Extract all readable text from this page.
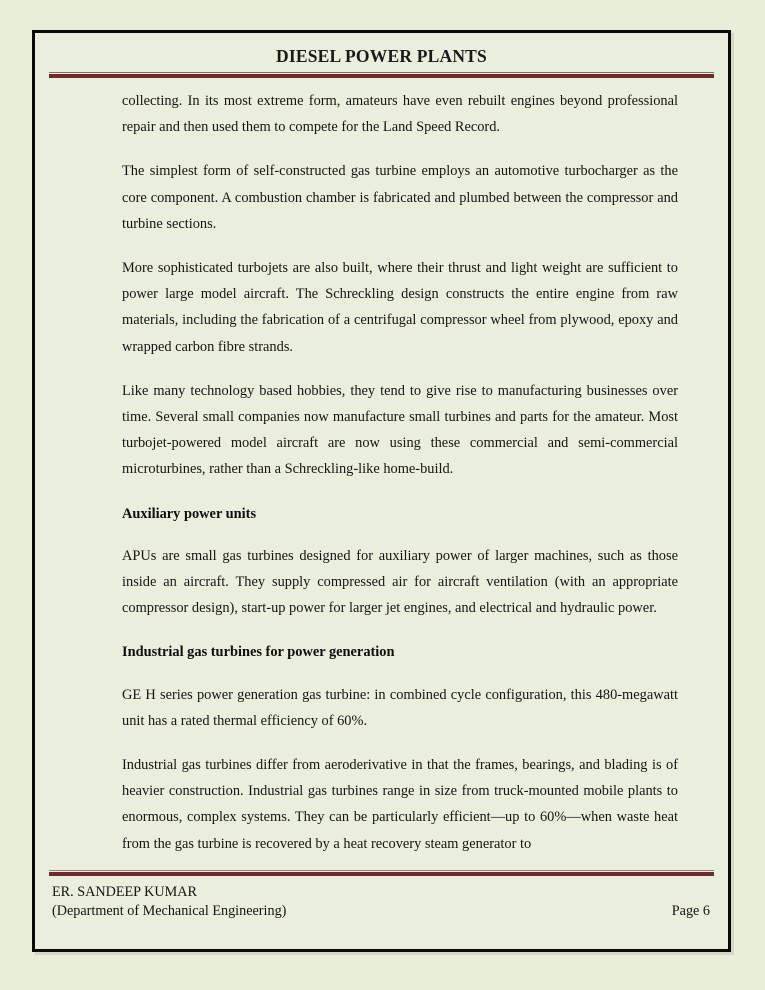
DIESEL POWER PLANTS

collecting. In its most extreme form, amateurs have even rebuilt engines beyond professional repair and then used them to compete for the Land Speed Record.

The simplest form of self-constructed gas turbine employs an automotive turbocharger as the core component. A combustion chamber is fabricated and plumbed between the compressor and turbine sections.

More sophisticated turbojets are also built, where their thrust and light weight are sufficient to power large model aircraft. The Schreckling design constructs the entire engine from raw materials, including the fabrication of a centrifugal compressor wheel from plywood, epoxy and wrapped carbon fibre strands.

Like many technology based hobbies, they tend to give rise to manufacturing businesses over time. Several small companies now manufacture small turbines and parts for the amateur. Most turbojet-powered model aircraft are now using these commercial and semi-commercial microturbines, rather than a Schreckling-like home-build.

Auxiliary power units

APUs are small gas turbines designed for auxiliary power of larger machines, such as those inside an aircraft. They supply compressed air for aircraft ventilation (with an appropriate compressor design), start-up power for larger jet engines, and electrical and hydraulic power.

Industrial gas turbines for power generation

GE H series power generation gas turbine: in combined cycle configuration, this 480-megawatt unit has a rated thermal efficiency of 60%.

Industrial gas turbines differ from aeroderivative in that the frames, bearings, and blading is of heavier construction. Industrial gas turbines range in size from truck-mounted mobile plants to enormous, complex systems. They can be particularly efficient—up to 60%—when waste heat from the gas turbine is recovered by a heat recovery steam generator to

ER. SANDEEP KUMAR
(Department of Mechanical Engineering)	Page 6
